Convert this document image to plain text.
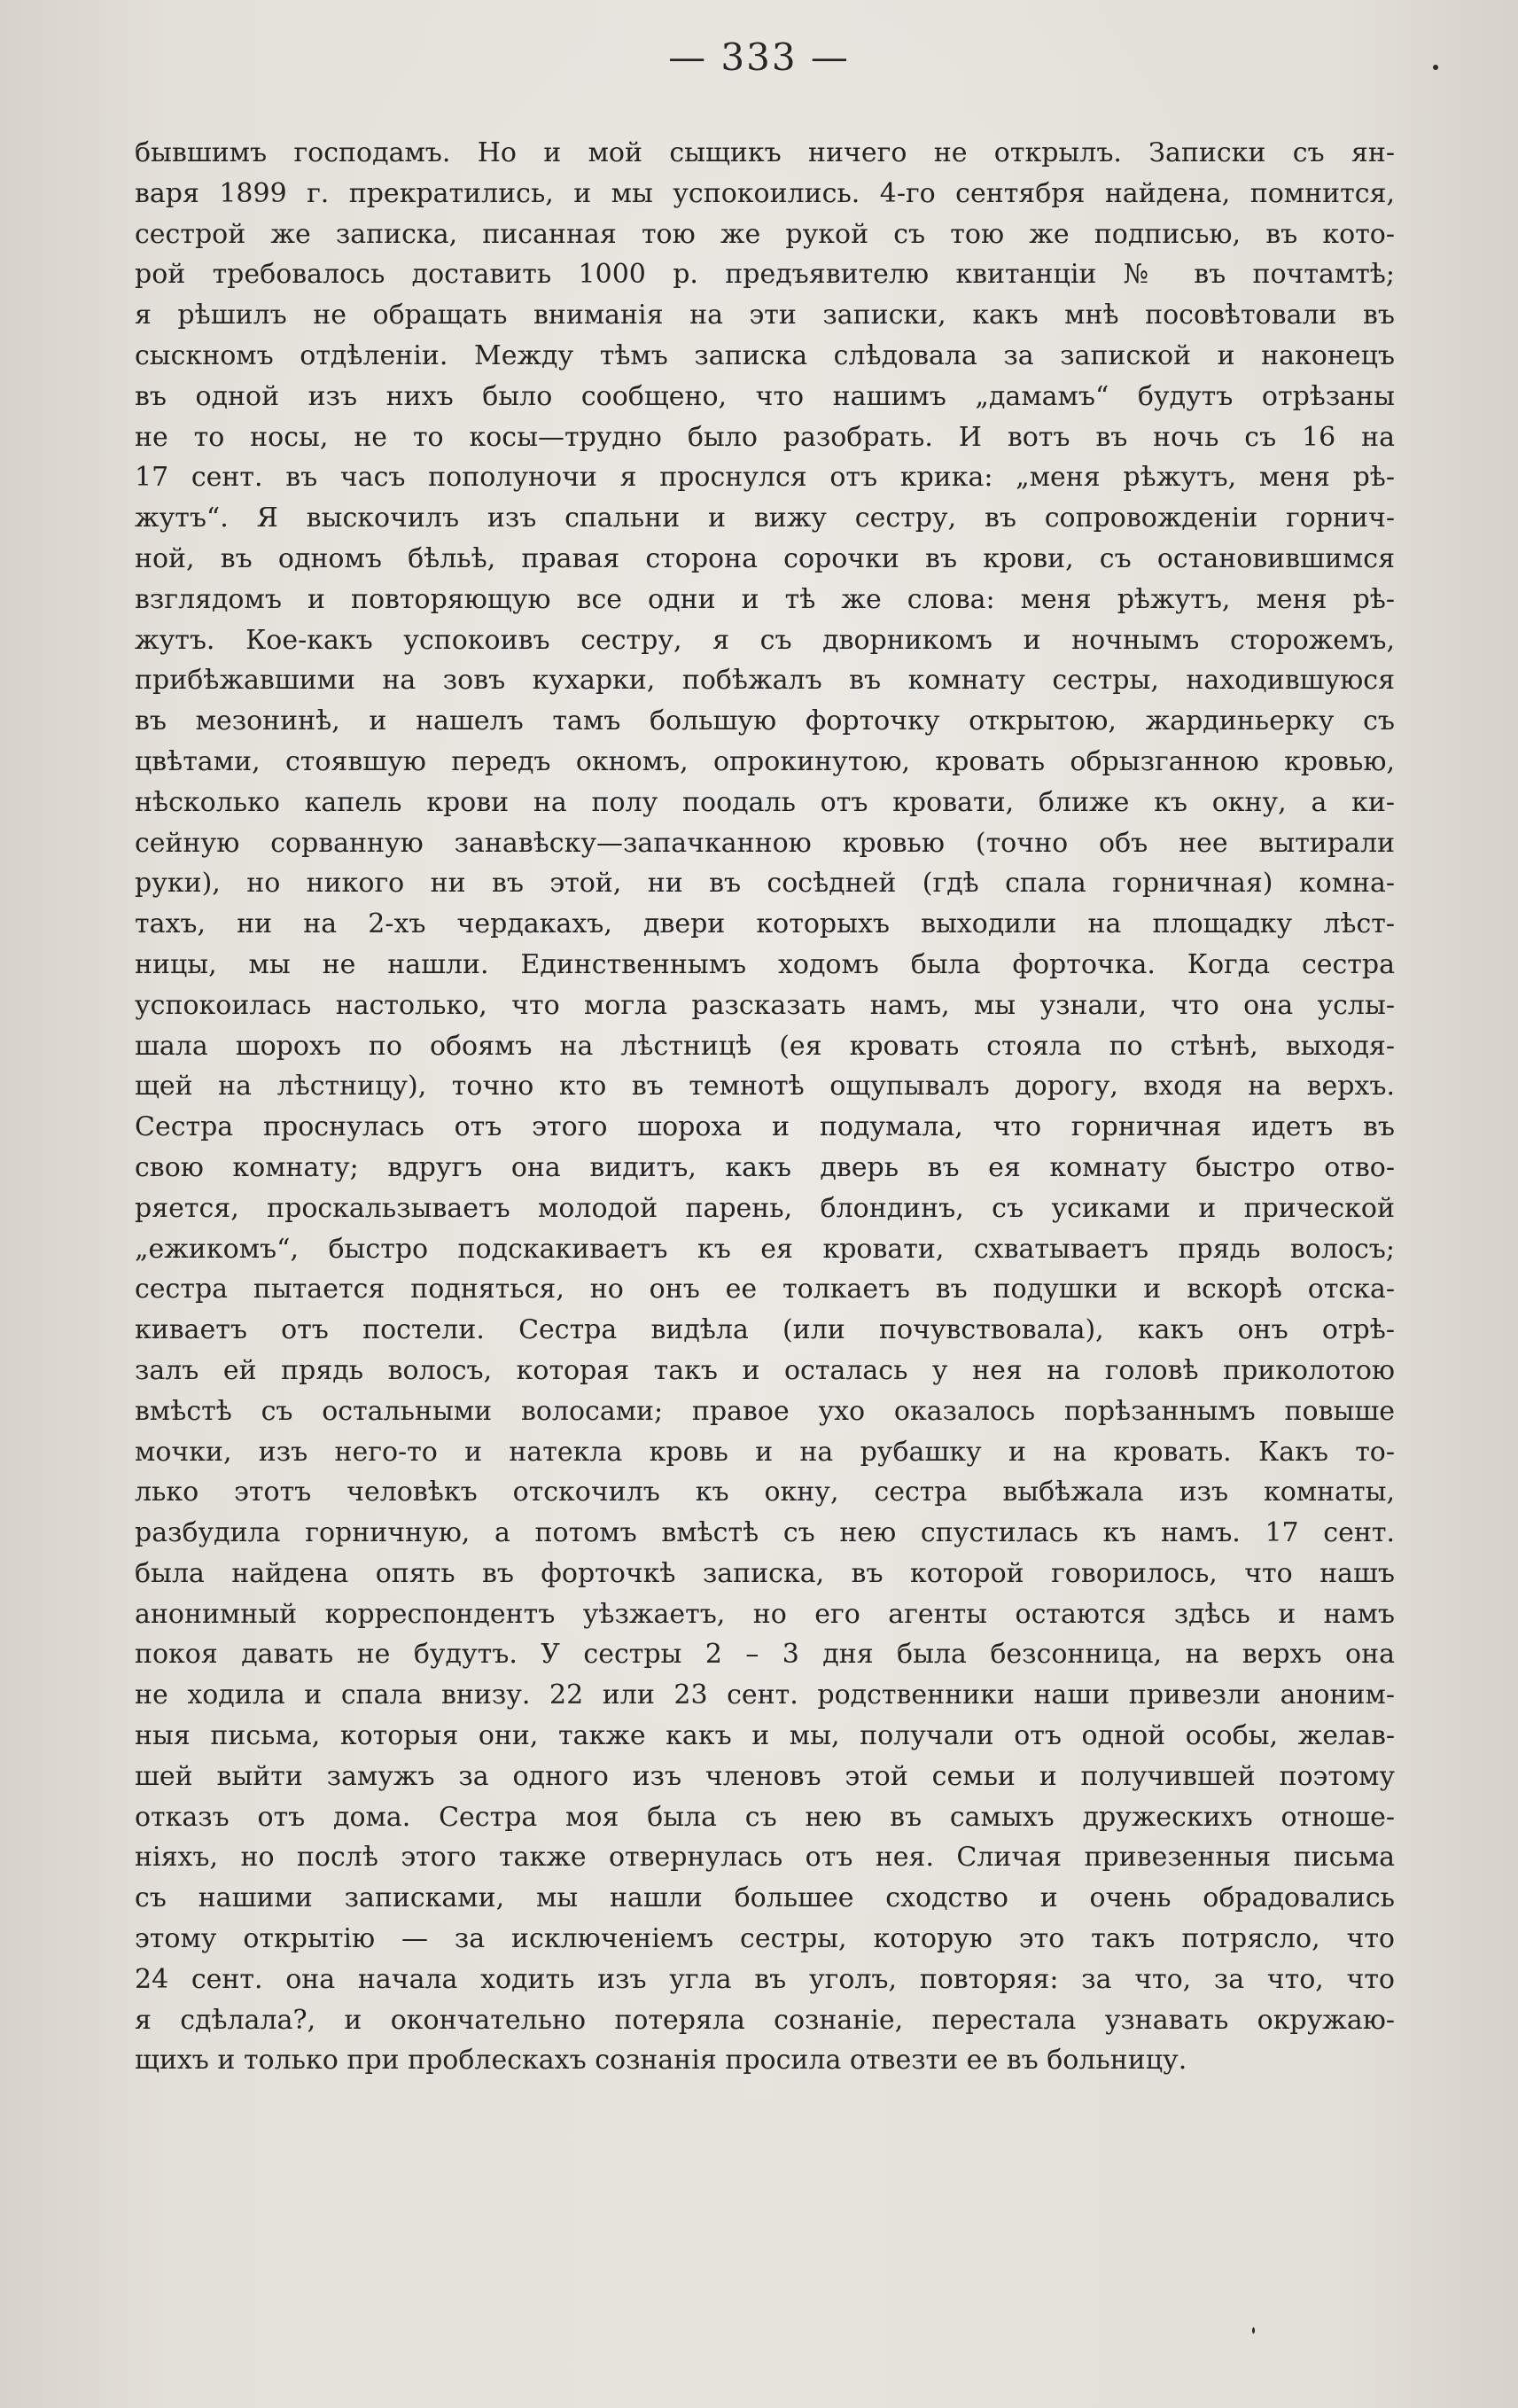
— 333 —
бывшимъ господамъ. Но и мой сыщикъ ничего не открылъ. Записки съ ян-
варя 1899 г. прекратились, и мы успокоились. 4-го сентября найдена, помнится,
сестрой же записка, писанная тою же рукой съ тою же подписью, въ кото-
рой требовалось доставить 1000 р. предъявителю квитанціи № въ почтамтѣ;
я рѣшилъ не обращать вниманія на эти записки, какъ мнѣ посовѣтовали въ
сыскномъ отдѣленіи. Между тѣмъ записка слѣдовала за запиской и наконецъ
въ одной изъ нихъ было сообщено, что нашимъ „дамамъ“ будутъ отрѣзаны
не то носы, не то косы—трудно было разобрать. И вотъ въ ночь съ 16 на
17 сент. въ часъ пополуночи я проснулся отъ крика: „меня рѣжутъ, меня рѣ-
жутъ“. Я выскочилъ изъ спальни и вижу сестру, въ сопровожденіи горнич-
ной, въ одномъ бѣльѣ, правая сторона сорочки въ крови, съ остановившимся
взглядомъ и повторяющую все одни и тѣ же слова: меня рѣжутъ, меня рѣ-
жутъ. Кое-какъ успокоивъ сестру, я съ дворникомъ и ночнымъ сторожемъ,
прибѣжавшими на зовъ кухарки, побѣжалъ въ комнату сестры, находившуюся
въ мезонинѣ, и нашелъ тамъ большую форточку открытою, жардиньерку съ
цвѣтами, стоявшую передъ окномъ, опрокинутою, кровать обрызганною кровью,
нѣсколько капель крови на полу поодаль отъ кровати, ближе къ окну, а ки-
сейную сорванную занавѣску—запачканною кровью (точно объ нее вытирали
руки), но никого ни въ этой, ни въ сосѣдней (гдѣ спала горничная) комна-
тахъ, ни на 2-хъ чердакахъ, двери которыхъ выходили на площадку лѣст-
ницы, мы не нашли. Единственнымъ ходомъ была форточка. Когда сестра
успокоилась настолько, что могла разсказать намъ, мы узнали, что она услы-
шала шорохъ по обоямъ на лѣстницѣ (ея кровать стояла по стѣнѣ, выходя-
щей на лѣстницу), точно кто въ темнотѣ ощупывалъ дорогу, входя на верхъ.
Сестра проснулась отъ этого шороха и подумала, что горничная идетъ въ
свою комнату; вдругъ она видитъ, какъ дверь въ ея комнату быстро отво-
ряется, проскальзываетъ молодой парень, блондинъ, съ усиками и прической
„ежикомъ“, быстро подскакиваетъ къ ея кровати, схватываетъ прядь волосъ;
сестра пытается подняться, но онъ ее толкаетъ въ подушки и вскорѣ отска-
киваетъ отъ постели. Сестра видѣла (или почувствовала), какъ онъ отрѣ-
залъ ей прядь волосъ, которая такъ и осталась у нея на головѣ приколотою
вмѣстѣ съ остальными волосами; правое ухо оказалось порѣзаннымъ повыше
мочки, изъ него-то и натекла кровь и на рубашку и на кровать. Какъ то-
лько этотъ человѣкъ отскочилъ къ окну, сестра выбѣжала изъ комнаты,
разбудила горничную, а потомъ вмѣстѣ съ нею спустилась къ намъ. 17 сент.
была найдена опять въ форточкѣ записка, въ которой говорилось, что нашъ
анонимный корреспондентъ уѣзжаетъ, но его агенты остаются здѣсь и намъ
покоя давать не будутъ. У сестры 2 – 3 дня была безсонница, на верхъ она
не ходила и спала внизу. 22 или 23 сент. родственники наши привезли аноним-
ныя письма, которыя они, также какъ и мы, получали отъ одной особы, желав-
шей выйти замужъ за одного изъ членовъ этой семьи и получившей поэтому
отказъ отъ дома. Сестра моя была съ нею въ самыхъ дружескихъ отноше-
ніяхъ, но послѣ этого также отвернулась отъ нея. Сличая привезенныя письма
съ нашими записками, мы нашли большее сходство и очень обрадовались
этому открытію — за исключеніемъ сестры, которую это такъ потрясло, что
24 сент. она начала ходить изъ угла въ уголъ, повторяя: за что, за что, что
я сдѣлала?, и окончательно потеряла сознаніе, перестала узнавать окружаю-
щихъ и только при проблескахъ сознанія просила отвезти ее въ больницу.
